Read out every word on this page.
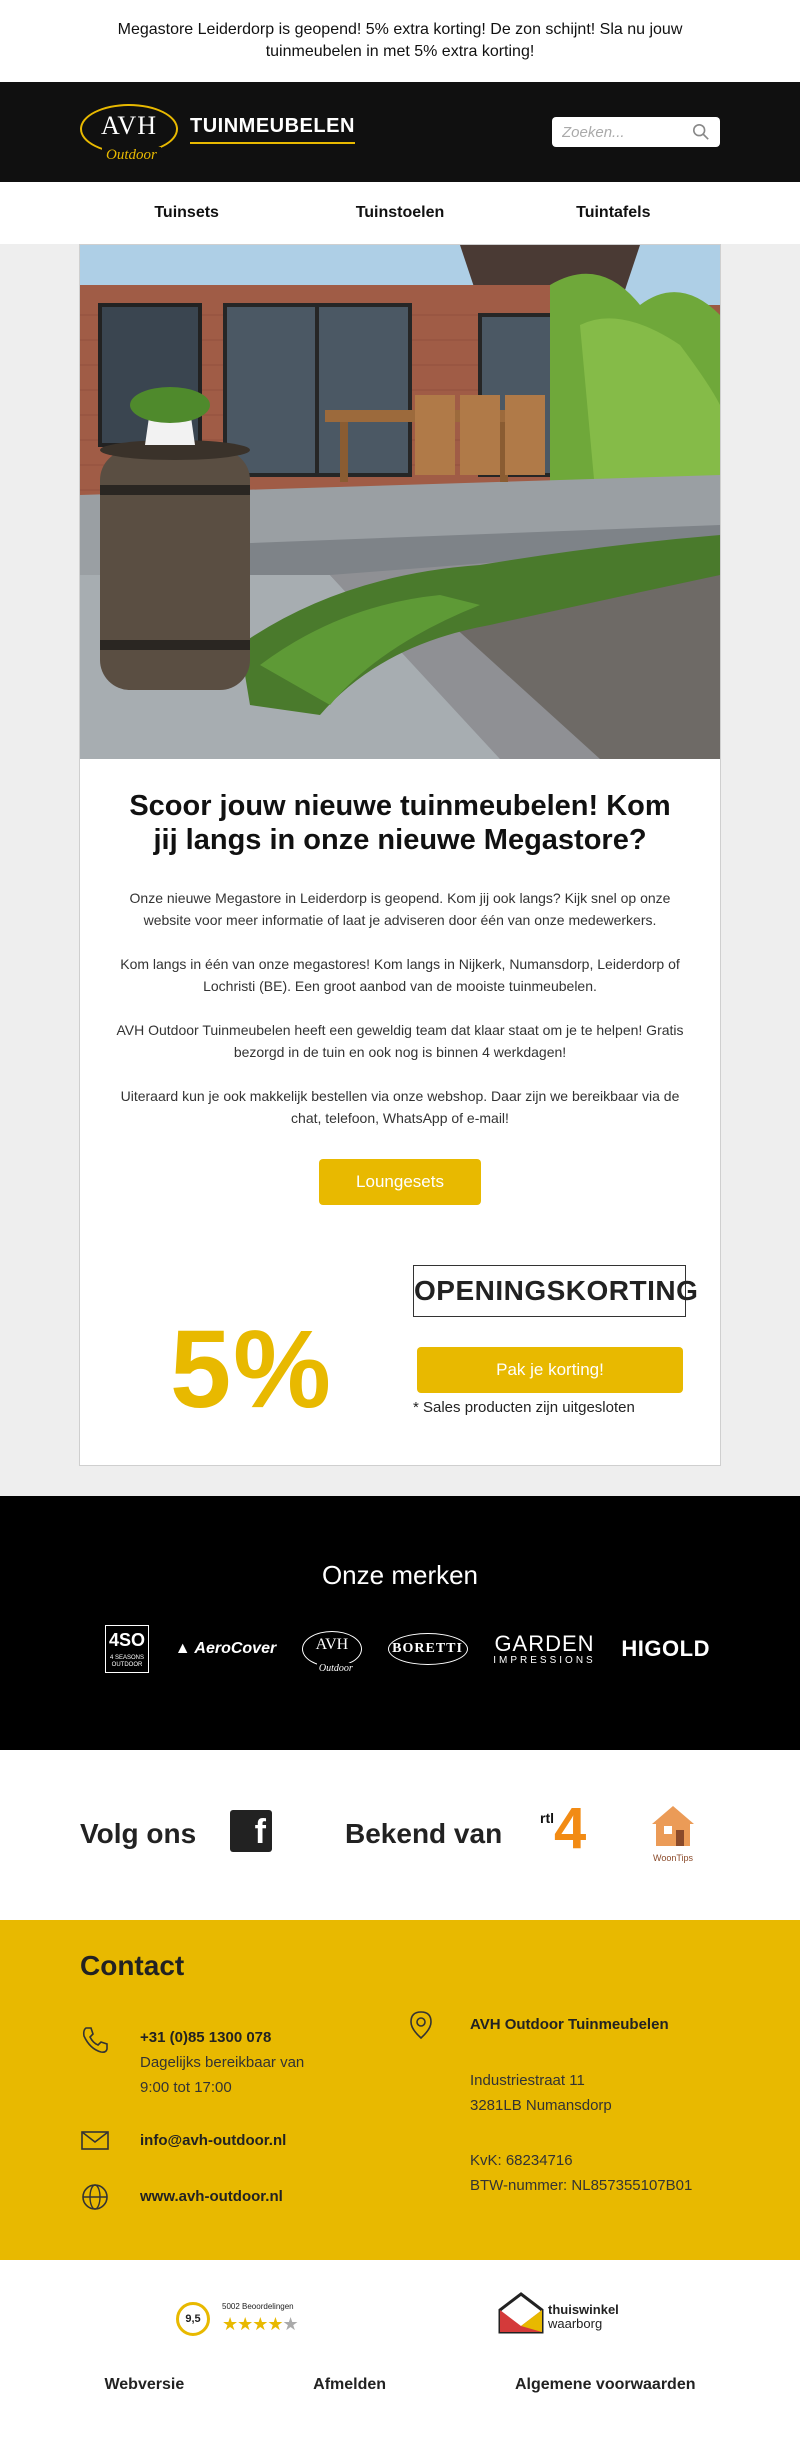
Megastore Leiderdorp is geopend! 5% extra korting! De zon schijnt! Sla nu jouw tuinmeubelen in met 5% extra korting!
AVH
Outdoor
TUINMEUBELEN
Zoeken...
Tuinsets	Tuinstoelen	Tuintafels
Scoor jouw nieuwe tuinmeubelen! Kom jij langs in onze nieuwe Megastore?

Onze nieuwe Megastore in Leiderdorp is geopend. Kom jij ook langs? Kijk snel op onze website voor meer informatie of laat je adviseren door één van onze medewerkers.

Kom langs in één van onze megastores! Kom langs in Nijkerk, Numansdorp, Leiderdorp of Lochristi (BE). Een groot aanbod van de mooiste tuinmeubelen.

AVH Outdoor Tuinmeubelen heeft een geweldig team dat klaar staat om je te helpen! Gratis bezorgd in de tuin en ook nog is binnen 4 werkdagen!

Uiteraard kun je ook makkelijk bestellen via onze webshop. Daar zijn we bereikbaar via de chat, telefoon, WhatsApp of e-mail!

Loungesets
5%
OPENINGSKORTING
Pak je korting!
* Sales producten zijn uitgesloten
Onze merken
4SO
4 SEASONS OUTDOOR
▲ AeroCover	AVH
Outdoor
BORETTI GARDEN
IMPRESSIONS HIGOLD
Volg ons	f	Bekend van	rtl 4	WoonTips
Contact
+31 (0)85 1300 078
Dagelijks bereikbaar van
9:00 tot 17:00
info@avh-outdoor.nl
www.avh-outdoor.nl
AVH Outdoor Tuinmeubelen
Industriestraat 11
3281LB Numansdorp
KvK: 68234716
BTW-nummer: NL857355107B01
9,5
5002 Beoordelingen
★★★★★
thuiswinkel
waarborg
Webversie	Afmelden	Algemene voorwaarden
